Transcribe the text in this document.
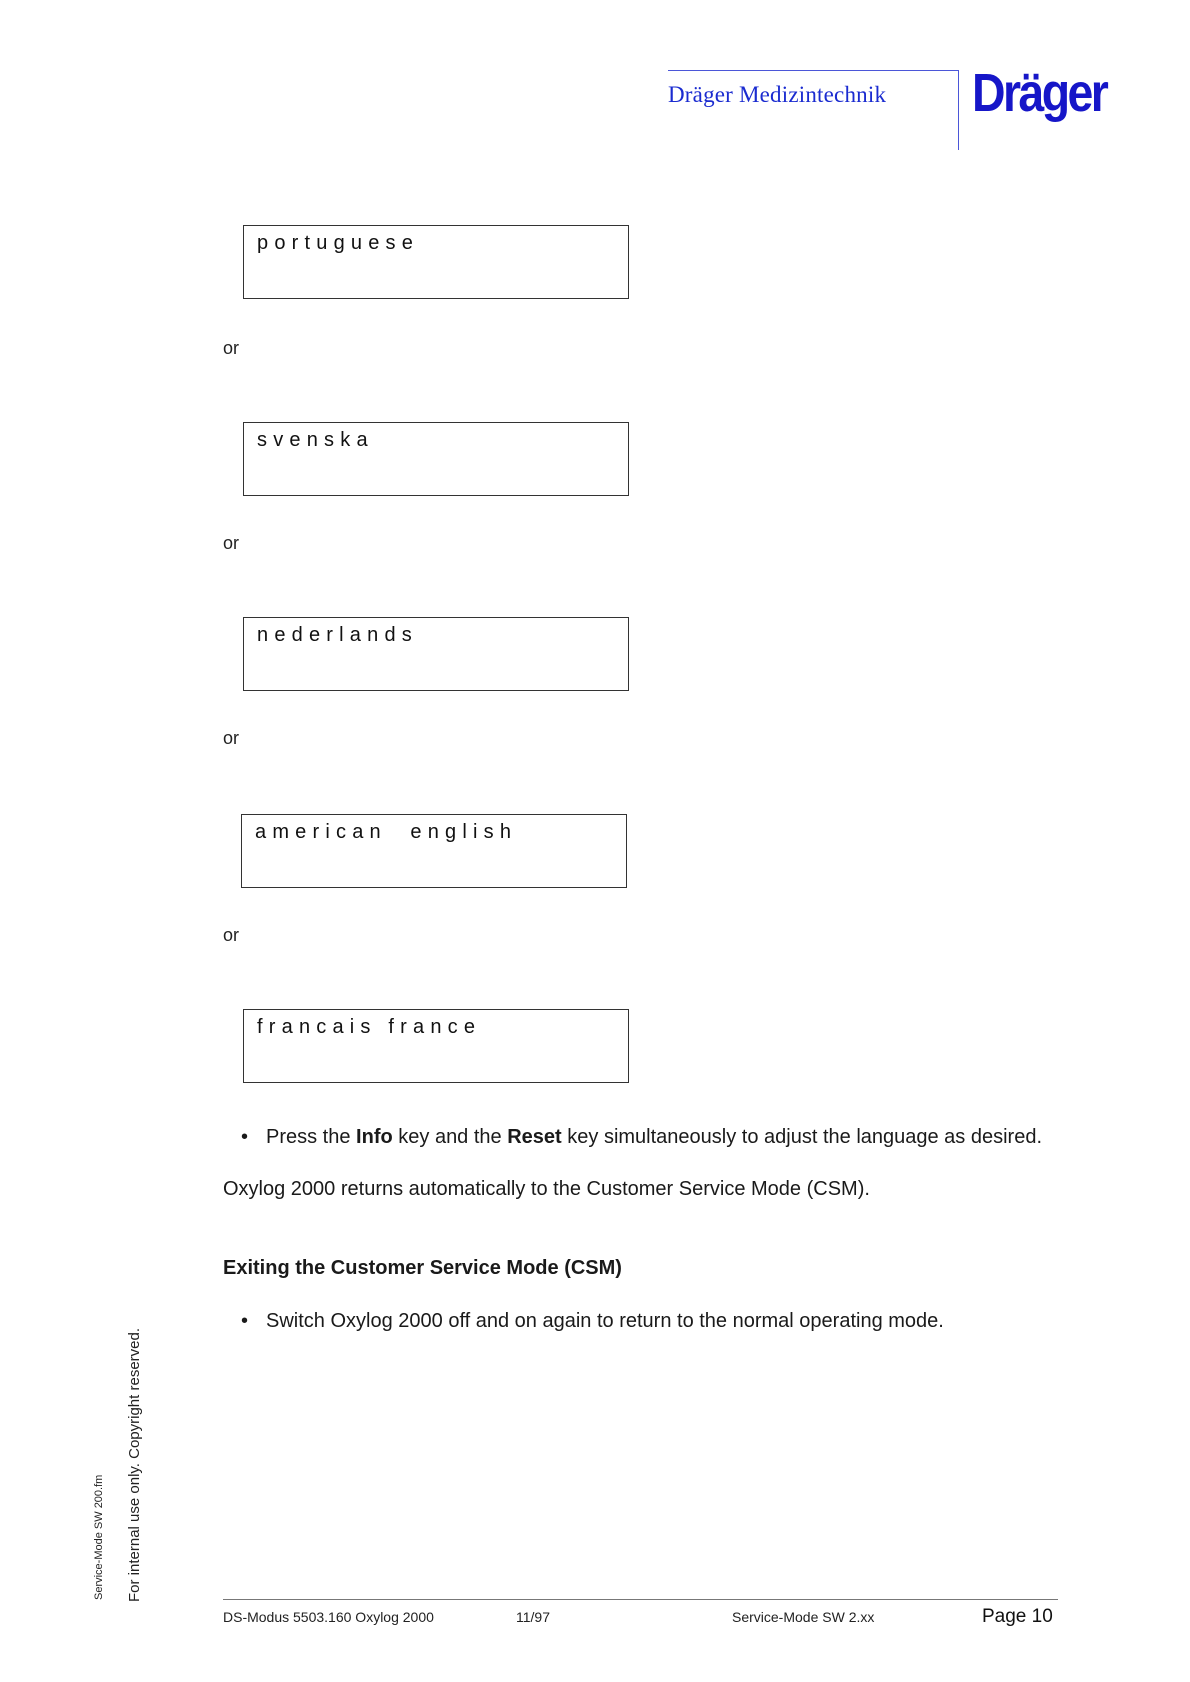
Dräger Medizintechnik Dräger
portuguese
or
svenska
or
nederlands
or
american  english
or
francais france
• Press the Info key and the Reset key simultaneously to adjust the language as desired.
Oxylog 2000 returns automatically to the Customer Service Mode (CSM).
Exiting the Customer Service Mode (CSM)
• Switch Oxylog 2000 off and on again to return to the normal operating mode.
Service-Mode SW 200.fm For internal use only. Copyright reserved.
DS-Modus 5503.160 Oxylog 2000	11/97	Service-Mode SW 2.xx	Page 10
